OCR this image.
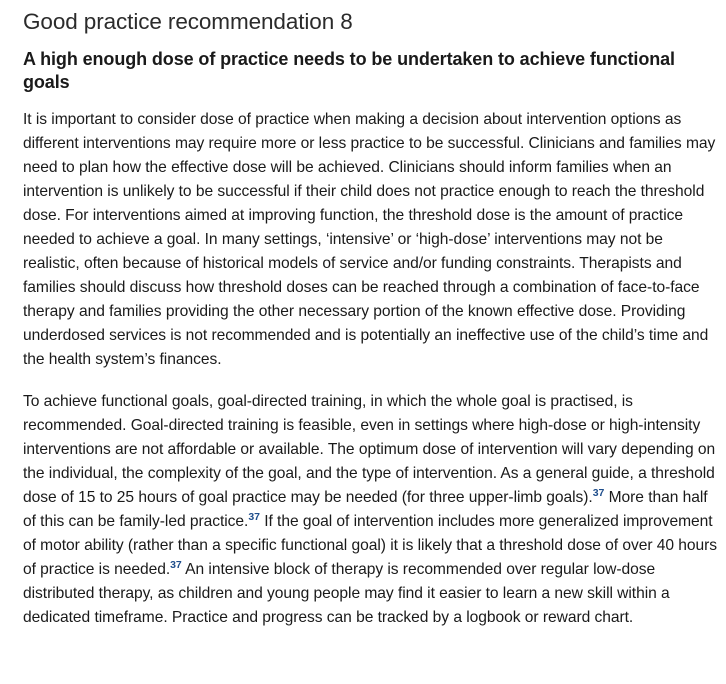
Good practice recommendation 8
A high enough dose of practice needs to be undertaken to achieve functional goals

It is important to consider dose of practice when making a decision about intervention options as different interventions may require more or less practice to be successful. Clinicians and families may need to plan how the effective dose will be achieved. Clinicians should inform families when an intervention is unlikely to be successful if their child does not practice enough to reach the threshold dose. For interventions aimed at improving function, the threshold dose is the amount of practice needed to achieve a goal. In many settings, ‘intensive’ or ‘high-dose’ interventions may not be realistic, often because of historical models of service and/or funding constraints. Therapists and families should discuss how threshold doses can be reached through a combination of face-to-face therapy and families providing the other necessary portion of the known effective dose. Providing underdosed services is not recommended and is potentially an ineffective use of the child’s time and the health system’s finances.

To achieve functional goals, goal-directed training, in which the whole goal is practised, is recommended. Goal-directed training is feasible, even in settings where high-dose or high-intensity interventions are not affordable or available. The optimum dose of intervention will vary depending on the individual, the complexity of the goal, and the type of intervention. As a general guide, a threshold dose of 15 to 25 hours of goal practice may be needed (for three upper-limb goals).$^{37}$ More than half of this can be family-led practice.$^{37}$ If the goal of intervention includes more generalized improvement of motor ability (rather than a specific functional goal) it is likely that a threshold dose of over 40 hours of practice is needed.$^{37}$ An intensive block of therapy is recommended over regular low-dose distributed therapy, as children and young people may find it easier to learn a new skill within a dedicated timeframe. Practice and progress can be tracked by a logbook or reward chart.
